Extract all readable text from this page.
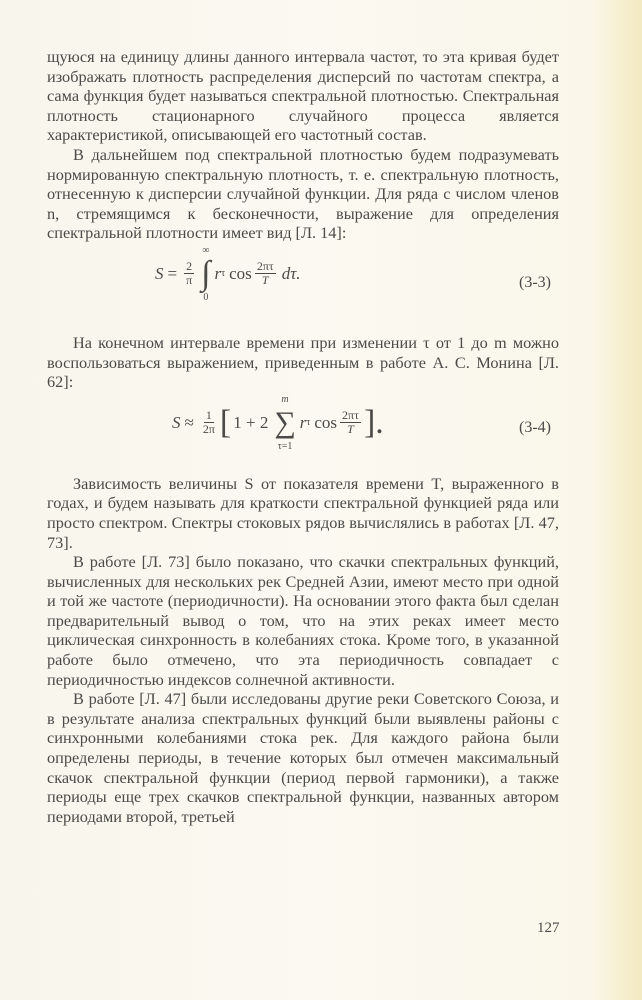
щуюся на единицу длины данного интервала частот, то эта кривая будет изображать плотность распределения дисперсий по частотам спектра, а сама функция будет называться спектральной плотностью. Спектральная плотность стационарного случайного процесса является характеристикой, описывающей его частотный состав.

В дальнейшем под спектральной плотностью будем подразумевать нормированную спектральную плотность, т. е. спектральную плотность, отнесенную к дисперсии случайной функции. Для ряда с числом членов n, стремящимся к бесконечности, выражение для определения спектральной плотности имеет вид [Л. 14]:

$S = \frac{2}{\pi}$
∞
∫
0
r τ $\cos \frac{2\pi\tau}{T} d\tau$.	(3-3)

На конечном интервале времени при изменении τ от 1 до m можно воспользоваться выражением, приведенным в работе А. С. Монина [Л. 62]:

$S \approx \frac{1}{2\pi}$ [ 1 + 2
m
∑
τ=1
r τ $\cos \frac{2\pi\tau}{T}$ ].	(3-4)

Зависимость величины S от показателя времени T, выраженного в годах, и будем называть для краткости спектральной функцией ряда или просто спектром. Спектры стоковых рядов вычислялись в работах [Л. 47, 73].

В работе [Л. 73] было показано, что скачки спектральных функций, вычисленных для нескольких рек Средней Азии, имеют место при одной и той же частоте (периодичности). На основании этого факта был сделан предварительный вывод о том, что на этих реках имеет место циклическая синхронность в колебаниях стока. Кроме того, в указанной работе было отмечено, что эта периодичность совпадает с периодичностью индексов солнечной активности.

В работе [Л. 47] были исследованы другие реки Советского Союза, и в результате анализа спектральных функций были выявлены районы с синхронными колебаниями стока рек. Для каждого района были определены периоды, в течение которых был отмечен максимальный скачок спектральной функции (период первой гармоники), а также периоды еще трех скачков спектральной функции, названных автором периодами второй, третьей

127
